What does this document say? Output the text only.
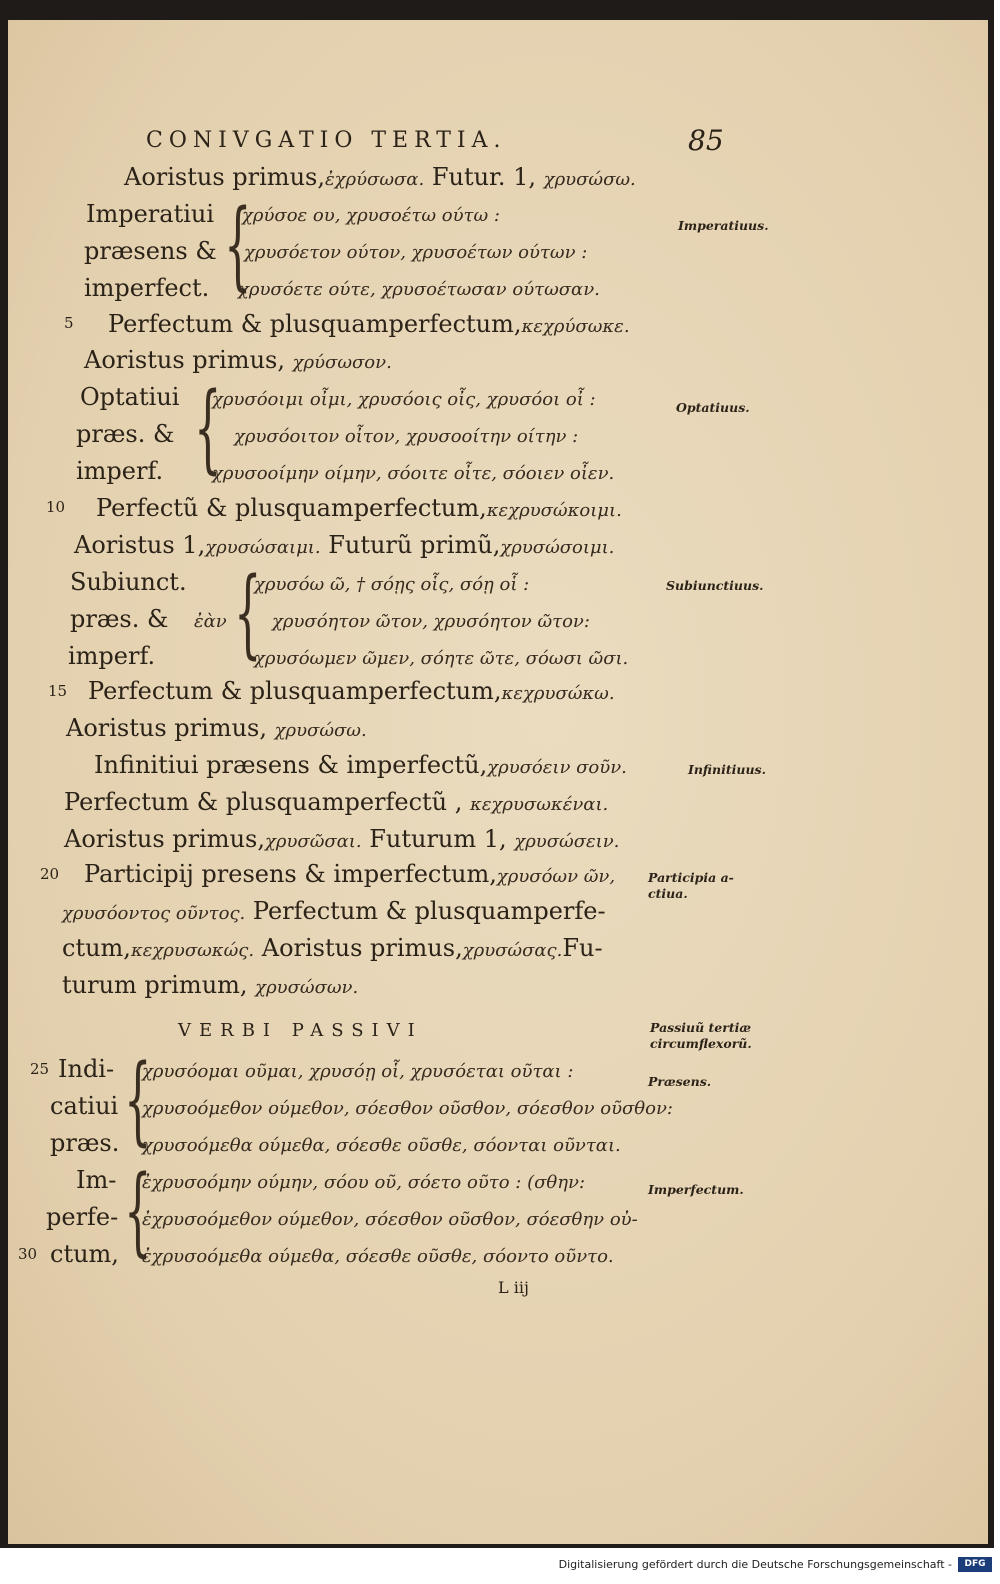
CONIVGATIO TERTIA.	85
Aoristus primus,ἐχρύσωσα. Futur. 1, χρυσώσω.
Imperatiui
præsens &
imperfect. {
χρύσοε ου, χρυσοέτω ούτω :
χρυσόετον ούτον, χρυσοέτων ούτων :
χρυσόετε ούτε, χρυσοέτωσαν ούτωσαν.
5 Perfectum & plusquamperfectum,κεχρύσωκε.
Aoristus primus, χρύσωσον.
Optatiui
præs. &
imperf. {
χρυσόοιμι οἶμι, χρυσόοις οἶς, χρυσόοι οἶ :
χρυσόοιτον οἶτον, χρυσοοίτην οίτην :
χρυσοοίμην οίμην, σόοιτε οἶτε, σόοιεν οἶεν.
10 Perfectũ & plusquamperfectum,κεχρυσώκοιμι.
Aoristus 1,χρυσώσαιμι. Futurũ primũ,χρυσώσοιμι.
Subiunct.
præs. & ἐὰν
imperf. {
χρυσόω ῶ, † σόῃς οἷς, σόῃ οἷ :
χρυσόητον ῶτον, χρυσόητον ῶτον:
χρυσόωμεν ῶμεν, σόητε ῶτε, σόωσι ῶσι.
15 Perfectum & plusquamperfectum,κεχρυσώκω.
Aoristus primus, χρυσώσω.
Infinitiui præsens & imperfectũ,χρυσόειν σοῦν.
Perfectum & plusquamperfectũ , κεχρυσωκέναι.
Aoristus primus,χρυσῶσαι. Futurum 1, χρυσώσειν.
20 Participij presens & imperfectum,χρυσόων ῶν,
χρυσόοντος οῦντος. Perfectum & plusquamperfe-
ctum,κεχρυσωκώς. Aoristus primus,χρυσώσας.Fu-
turum primum, χρυσώσων.
VERBI PASSIVI
25 Indi-
catiui
præs. {
χρυσόομαι οῦμαι, χρυσόῃ οἷ, χρυσόεται οῦται :
χρυσοόμεθον ούμεθον, σόεσθον οῦσθον, σόεσθον οῦσθον:
χρυσοόμεθα ούμεθα, σόεσθε οῦσθε, σόονται οῦνται.
Im-
perfe-
30 ctum, {
ἐχρυσοόμην ούμην, σόου οῦ, σόετο οῦτο : (σθην:
ἐχρυσοόμεθον ούμεθον, σόεσθον οῦσθον, σόεσθην οὐ-
ἐχρυσοόμεθα ούμεθα, σόεσθε οῦσθε, σόοντο οῦντο.
L iij
Imperatiuus.
Optatiuus.
Subiunctiuus.
Infinitiuus.
Participia a-
ctiua.
Passiuũ tertiæ
circumflexorũ.
Præsens.
Imperfectum.
Digitalisierung gefördert durch die Deutsche Forschungsgemeinschaft -	DFG
